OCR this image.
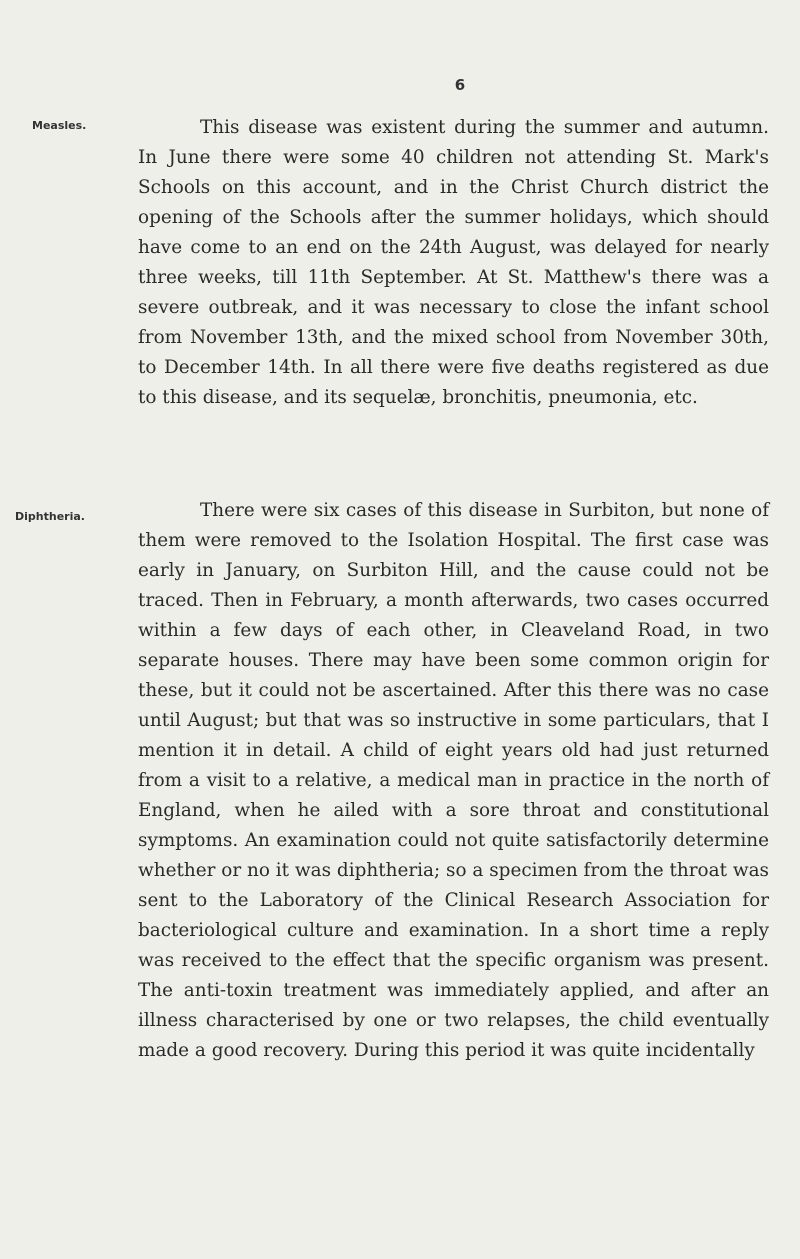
6
Measles.	This disease was existent during the summer and autumn. In June there were some 40 children not attending St. Mark's Schools on this account, and in the Christ Church district the opening of the Schools after the summer holidays, which should have come to an end on the 24th August, was delayed for nearly three weeks, till 11th September. At St. Matthew's there was a severe outbreak, and it was necessary to close the infant school from November 13th, and the mixed school from November 30th, to December 14th. In all there were five deaths registered as due to this disease, and its sequelæ, bronchitis, pneumonia, etc.

Diphtheria.	There were six cases of this disease in Surbiton, but none of them were removed to the Isolation Hospital. The first case was early in January, on Surbiton Hill, and the cause could not be traced. Then in February, a month afterwards, two cases occurred within a few days of each other, in Cleaveland Road, in two separate houses. There may have been some common origin for these, but it could not be ascertained. After this there was no case until August; but that was so instructive in some particulars, that I mention it in detail. A child of eight years old had just returned from a visit to a relative, a medical man in practice in the north of England, when he ailed with a sore throat and constitutional symptoms. An examination could not quite satisfactorily determine whether or no it was diphtheria; so a specimen from the throat was sent to the Laboratory of the Clinical Research Association for bacteriological culture and examination. In a short time a reply was received to the effect that the specific organism was present. The anti-toxin treatment was immediately applied, and after an illness characterised by one or two relapses, the child eventually made a good recovery. During this period it was quite incidentally
